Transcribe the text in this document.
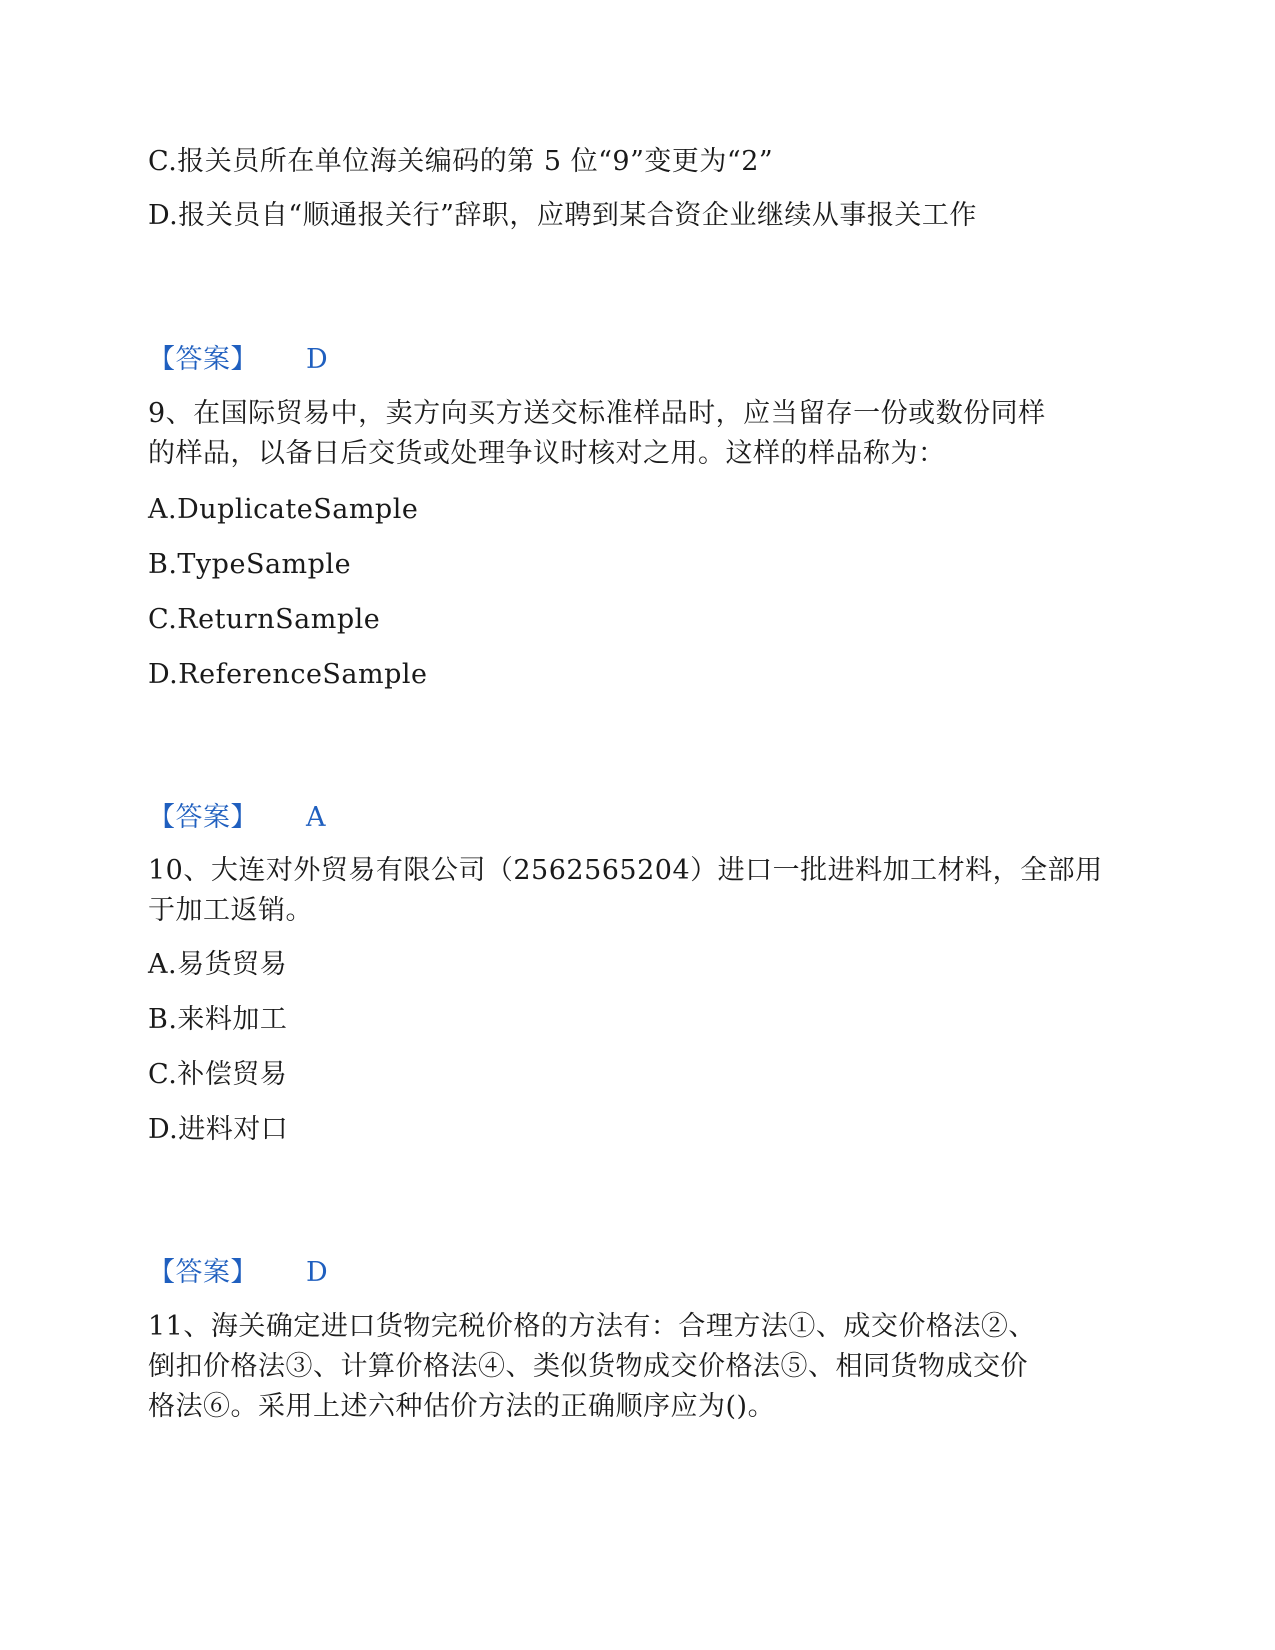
C.报关员所在单位海关编码的第 5 位“9”变更为“2”
D.报关员自“顺通报关行”辞职，应聘到某合资企业继续从事报关工作
【答案】 D
9、在国际贸易中，卖方向买方送交标准样品时，应当留存一份或数份同样
的样品，以备日后交货或处理争议时核对之用。这样的样品称为：
A.DuplicateSample
B.TypeSample
C.ReturnSample
D.ReferenceSample
【答案】 A
10、大连对外贸易有限公司（2562565204）进口一批进料加工材料，全部用
于加工返销。
A.易货贸易
B.来料加工
C.补偿贸易
D.进料对口
【答案】 D
11、海关确定进口货物完税价格的方法有：合理方法①、成交价格法②、
倒扣价格法③、计算价格法④、类似货物成交价格法⑤、相同货物成交价
格法⑥。采用上述六种估价方法的正确顺序应为()。
